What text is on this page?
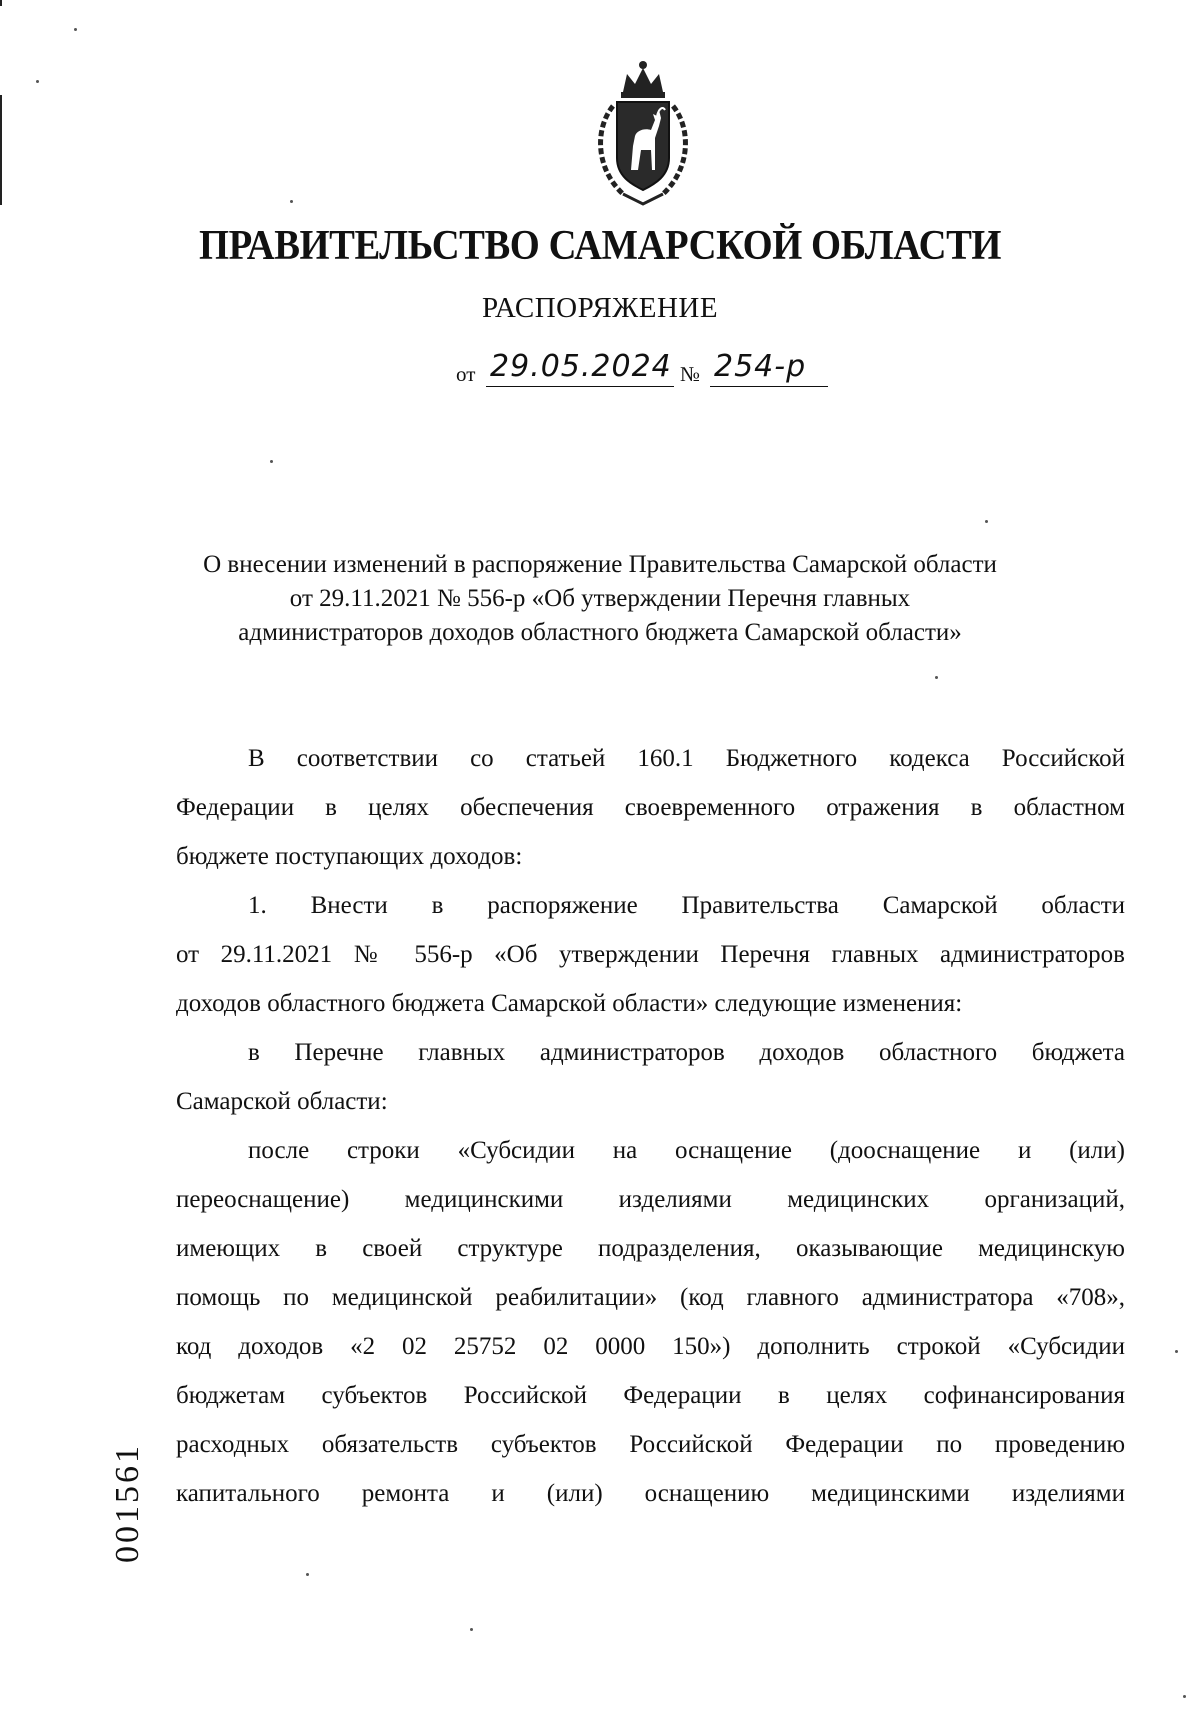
ПРАВИТЕЛЬСТВО САМАРСКОЙ ОБЛАСТИ
РАСПОРЯЖЕНИЕ
от 29.05.2024 № 254-р
О внесении изменений в распоряжение Правительства Самарской области
от 29.11.2021 № 556-р «Об утверждении Перечня главных
администраторов доходов областного бюджета Самарской области»
В соответствии со статьей 160.1 Бюджетного кодекса Российской
Федерации в целях обеспечения своевременного отражения в областном
бюджете поступающих доходов:
1. Внести в распоряжение Правительства Самарской области
от 29.11.2021 № 556-р «Об утверждении Перечня главных администраторов
доходов областного бюджета Самарской области» следующие изменения:
в Перечне главных администраторов доходов областного бюджета
Самарской области:
после строки «Субсидии на оснащение (дооснащение и (или)
переоснащение) медицинскими изделиями медицинских организаций,
имеющих в своей структуре подразделения, оказывающие медицинскую
помощь по медицинской реабилитации» (код главного администратора «708»,
код доходов «2 02 25752 02 0000 150») дополнить строкой «Субсидии
бюджетам субъектов Российской Федерации в целях софинансирования
расходных обязательств субъектов Российской Федерации по проведению
капитального ремонта и (или) оснащению медицинскими изделиями
001561
